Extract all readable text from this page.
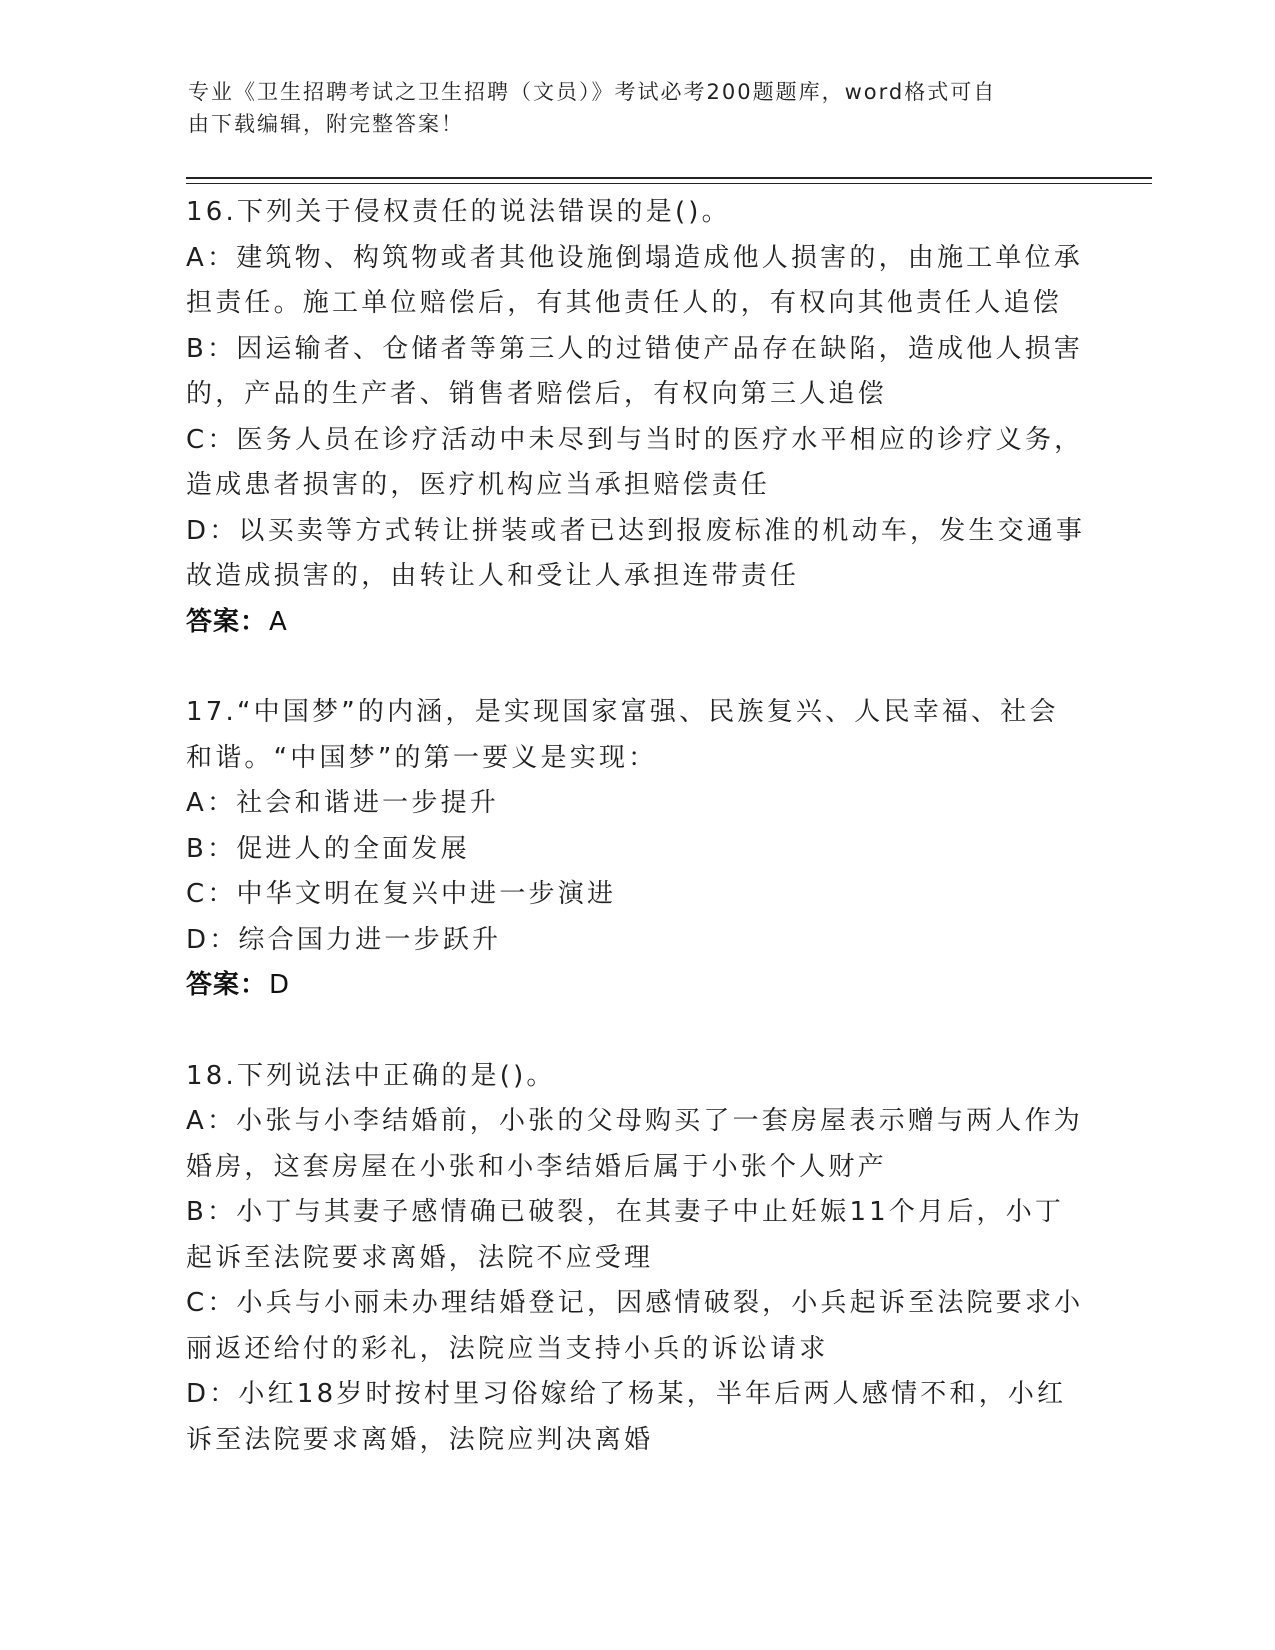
专业《卫生招聘考试之卫生招聘（文员）》考试必考200题题库，word格式可自
由下载编辑，附完整答案！
16.下列关于侵权责任的说法错误的是()。
A：建筑物、构筑物或者其他设施倒塌造成他人损害的，由施工单位承
担责任。施工单位赔偿后，有其他责任人的，有权向其他责任人追偿
B：因运输者、仓储者等第三人的过错使产品存在缺陷，造成他人损害
的，产品的生产者、销售者赔偿后，有权向第三人追偿
C：医务人员在诊疗活动中未尽到与当时的医疗水平相应的诊疗义务，
造成患者损害的，医疗机构应当承担赔偿责任
D：以买卖等方式转让拼装或者已达到报废标准的机动车，发生交通事
故造成损害的，由转让人和受让人承担连带责任
答案：A
17.“中国梦”的内涵，是实现国家富强、民族复兴、人民幸福、社会
和谐。“中国梦”的第一要义是实现：
A：社会和谐进一步提升
B：促进人的全面发展
C：中华文明在复兴中进一步演进
D：综合国力进一步跃升
答案：D
18.下列说法中正确的是()。
A：小张与小李结婚前，小张的父母购买了一套房屋表示赠与两人作为
婚房，这套房屋在小张和小李结婚后属于小张个人财产
B：小丁与其妻子感情确已破裂，在其妻子中止妊娠11个月后，小丁
起诉至法院要求离婚，法院不应受理
C：小兵与小丽未办理结婚登记，因感情破裂，小兵起诉至法院要求小
丽返还给付的彩礼，法院应当支持小兵的诉讼请求
D：小红18岁时按村里习俗嫁给了杨某，半年后两人感情不和，小红
诉至法院要求离婚，法院应判决离婚
